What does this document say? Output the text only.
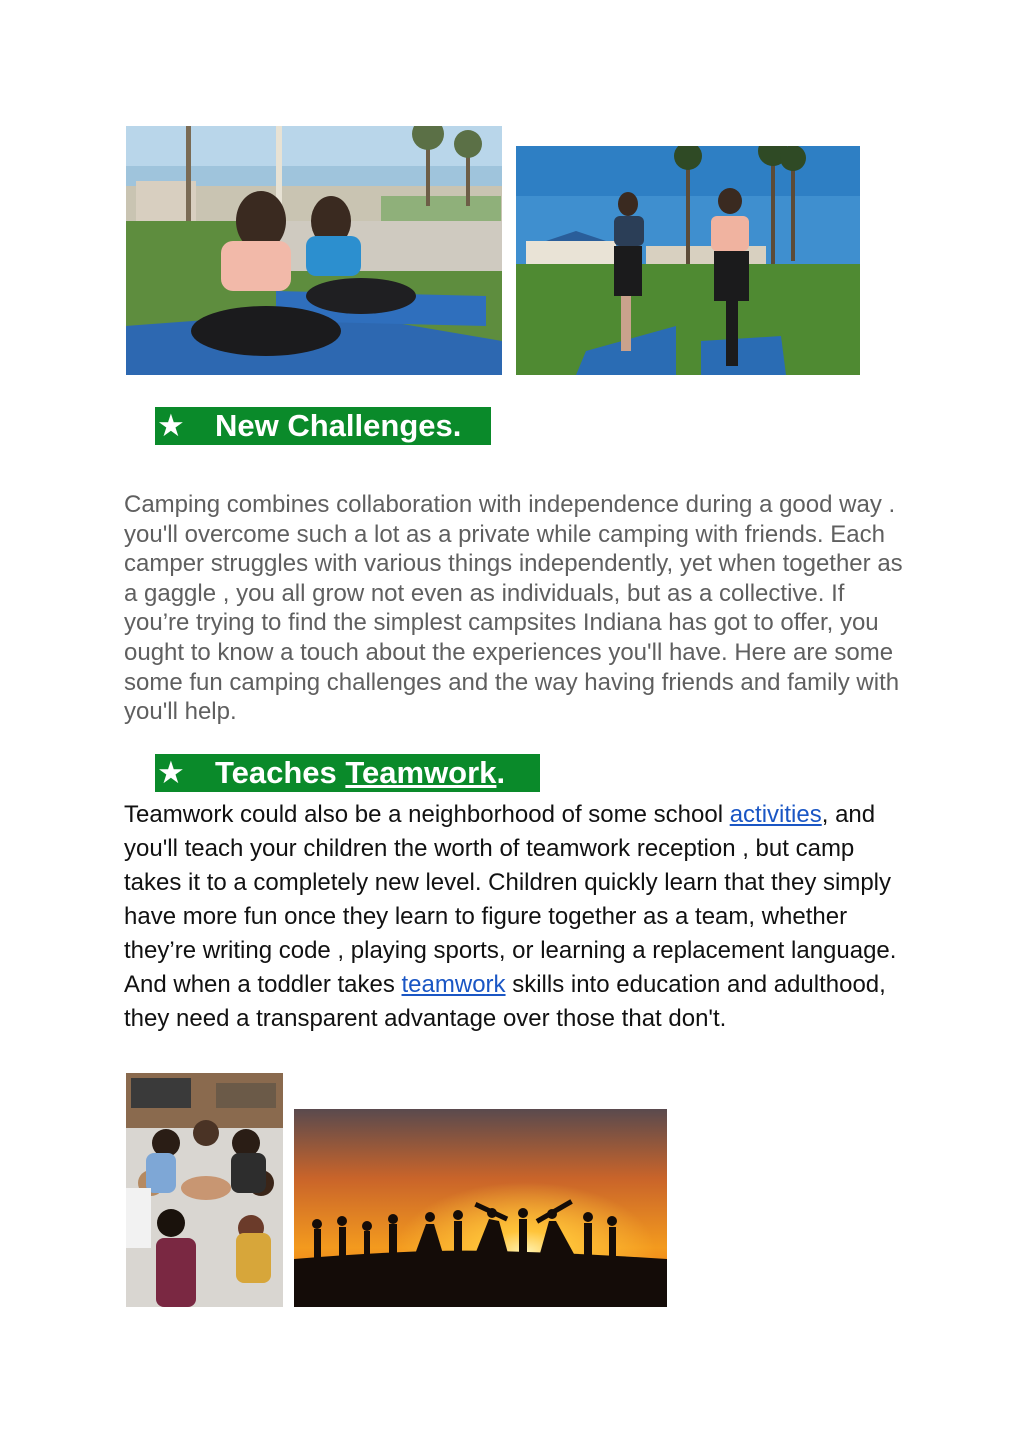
★ New Challenges.

Camping combines collaboration with independence during a good way . you'll overcome such a lot as a private while camping with friends. Each camper struggles with various things independently, yet when together as a gaggle , you all grow not even as individuals, but as a collective. If you’re trying to find the simplest campsites Indiana has got to offer, you ought to know a touch about the experiences you'll have. Here are some some fun camping challenges and the way having friends and family with you'll help.

★ Teaches Teamwork.

Teamwork could also be a neighborhood of some school activities, and you'll teach your children the worth of teamwork reception , but camp takes it to a completely new level. Children quickly learn that they simply have more fun once they learn to figure together as a team, whether they’re writing code , playing sports, or learning a replacement language. And when a toddler takes teamwork skills into education and adulthood, they need a transparent advantage over those that don't.
